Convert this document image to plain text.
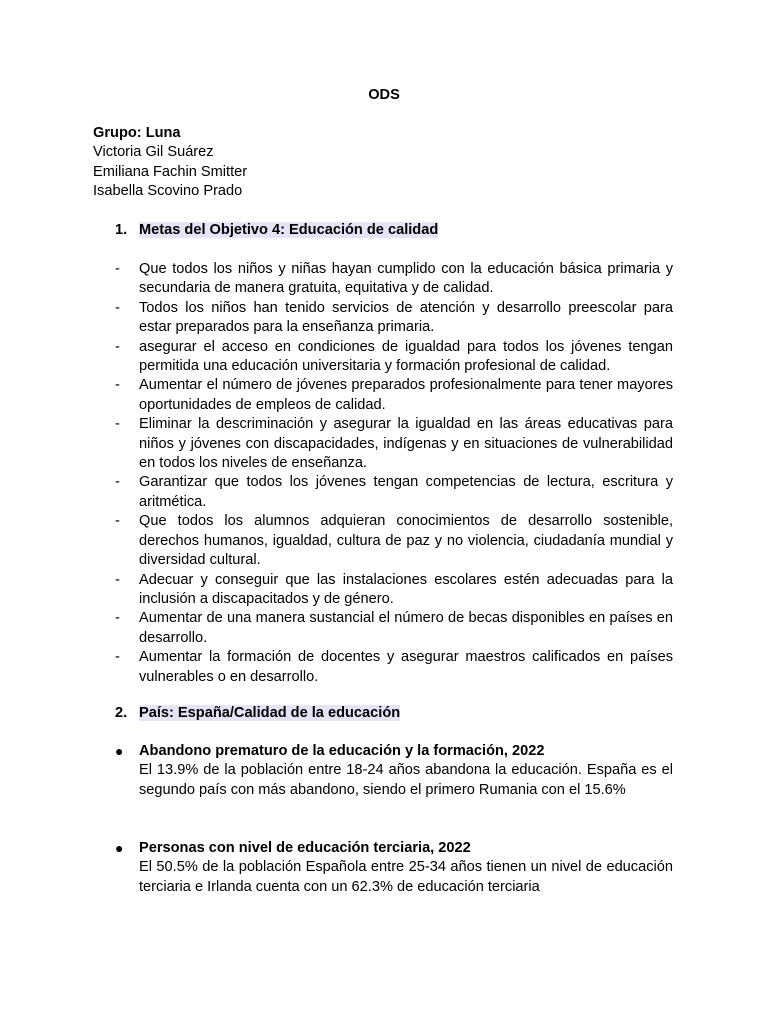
ODS
Grupo: Luna
Victoria Gil Suárez
Emiliana Fachin Smitter
Isabella Scovino Prado
1. Metas del Objetivo 4: Educación de calidad
- Que todos los niños y niñas hayan cumplido con la educación básica primaria y secundaria de manera gratuita, equitativa y de calidad.
- Todos los niños han tenido servicios de atención y desarrollo preescolar para estar preparados para la enseñanza primaria.
- asegurar el acceso en condiciones de igualdad para todos los jóvenes tengan permitida una educación universitaria y formación profesional de calidad.
- Aumentar el número de jóvenes preparados profesionalmente para tener mayores oportunidades de empleos de calidad.
- Eliminar la descriminación y asegurar la igualdad en las áreas educativas para niños y jóvenes con discapacidades, indígenas y en situaciones de vulnerabilidad en todos los niveles de enseñanza.
- Garantizar que todos los jóvenes tengan competencias de lectura, escritura y aritmética.
- Que todos los alumnos adquieran conocimientos de desarrollo sostenible, derechos humanos, igualdad, cultura de paz y no violencia, ciudadanía mundial y diversidad cultural.
- Adecuar y conseguir que las instalaciones escolares estén adecuadas para la inclusión a discapacitados y de género.
- Aumentar de una manera sustancial el número de becas disponibles en países en desarrollo.
- Aumentar la formación de docentes y asegurar maestros calificados en países vulnerables o en desarrollo.
2. País: España/Calidad de la educación
● Abandono prematuro de la educación y la formación, 2022
El 13.9% de la población entre 18-24 años abandona la educación. España es el segundo país con más abandono, siendo el primero Rumania con el 15.6%
● Personas con nivel de educación terciaria, 2022
El 50.5% de la población Española entre 25-34 años tienen un nivel de educación terciaria e Irlanda cuenta con un 62.3% de educación terciaria
